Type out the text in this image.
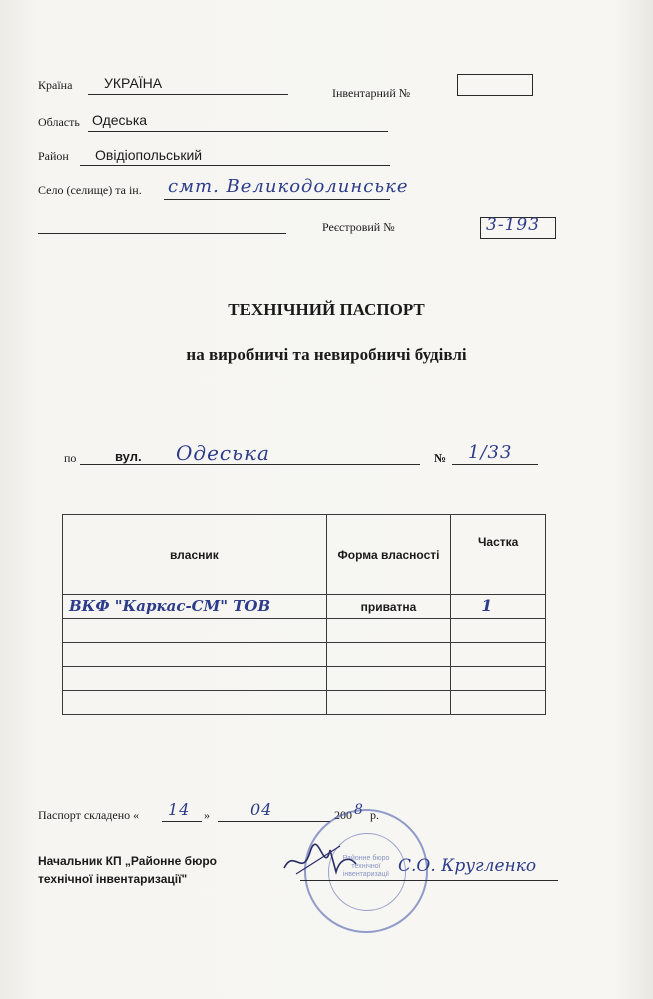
Країна УКРАЇНА
Інвентарний №
Область Одеська
Район Овідіопольський
Село (селище) та ін. смт. Великодолинське
Реєстровий №	3-193
ТЕХНІЧНИЙ ПАСПОРТ
на виробничі та невиробничі будівлі
по	вул. Одеська	№ 1/33
власник	Форма власності	Частка

ВКФ "Каркас-СМ" ТОВ	приватна	1

Паспорт складено « 14 »	04	200 8 р.
Начальник КП „Районне бюро
технічної інвентаризації"
Районне бюро технічної інвентаризації С.О. Кругленко
